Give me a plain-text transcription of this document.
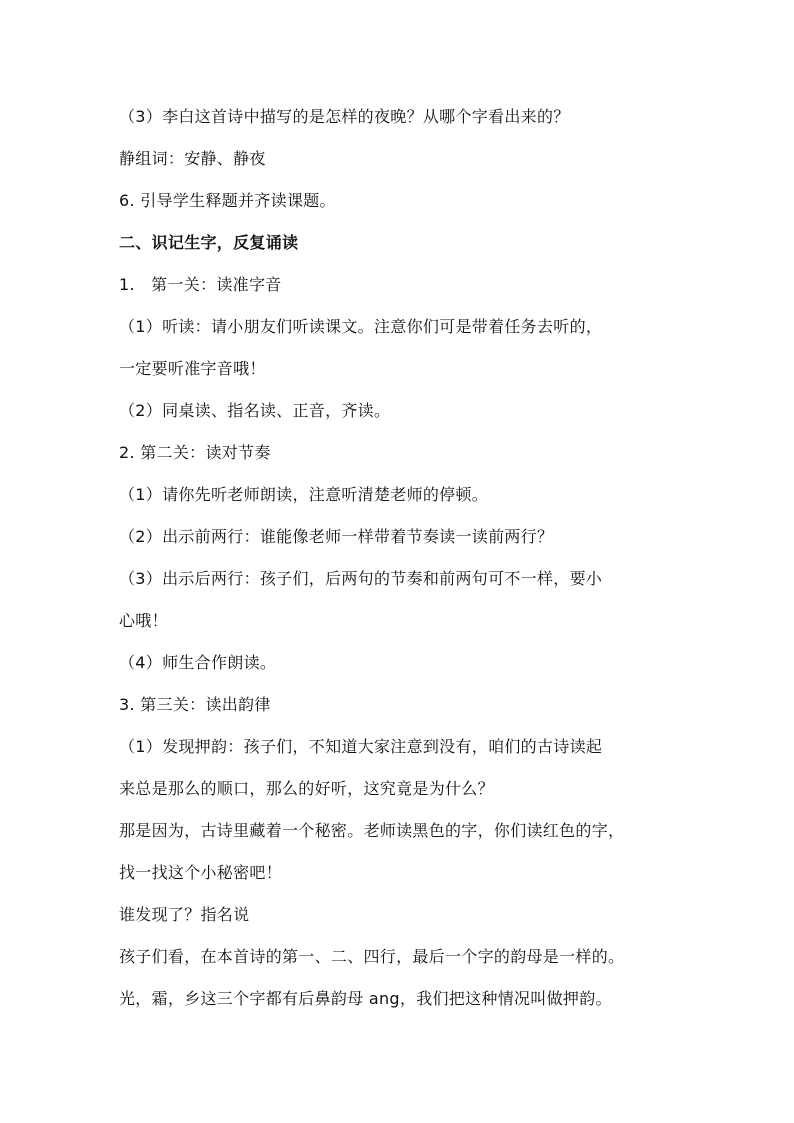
（3）李白这首诗中描写的是怎样的夜晚？从哪个字看出来的？
静组词：安静、静夜
6. 引导学生释题并齐读课题。
二、识记生字，反复诵读
1.　第一关：读准字音
（1）听读：请小朋友们听读课文。注意你们可是带着任务去听的，
一定要听准字音哦！
（2）同桌读、指名读、正音，齐读。
2. 第二关：读对节奏
（1）请你先听老师朗读，注意听清楚老师的停顿。
（2）出示前两行：谁能像老师一样带着节奏读一读前两行？
（3）出示后两行：孩子们，后两句的节奏和前两句可不一样，要小
心哦！
（4）师生合作朗读。
3. 第三关：读出韵律
（1）发现押韵：孩子们，不知道大家注意到没有，咱们的古诗读起
来总是那么的顺口，那么的好听，这究竟是为什么？
那是因为，古诗里藏着一个秘密。老师读黑色的字，你们读红色的字，
找一找这个小秘密吧！
谁发现了？指名说
孩子们看，在本首诗的第一、二、四行，最后一个字的韵母是一样的。
光，霜，乡这三个字都有后鼻韵母 ang，我们把这种情况叫做押韵。
